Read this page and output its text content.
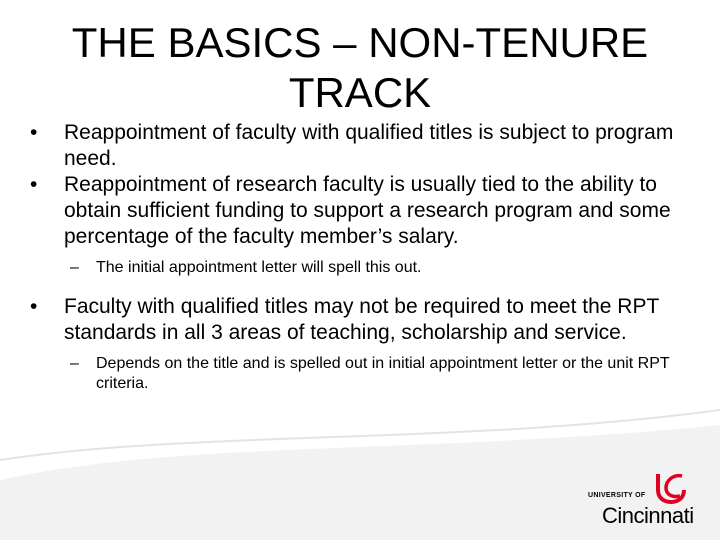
THE BASICS – NON-TENURE
TRACK

• Reappointment of faculty with qualified titles is subject to program need.

• Reappointment of research faculty is usually tied to the ability to obtain sufficient funding to support a research program and some percentage of the faculty member’s salary.

– The initial appointment letter will spell this out.

• Faculty with qualified titles may not be required to meet the RPT standards in all 3 areas of teaching, scholarship and service.

– Depends on the title and is spelled out in initial appointment letter or the unit RPT criteria.
UNIVERSITY OF
Cincinnati
